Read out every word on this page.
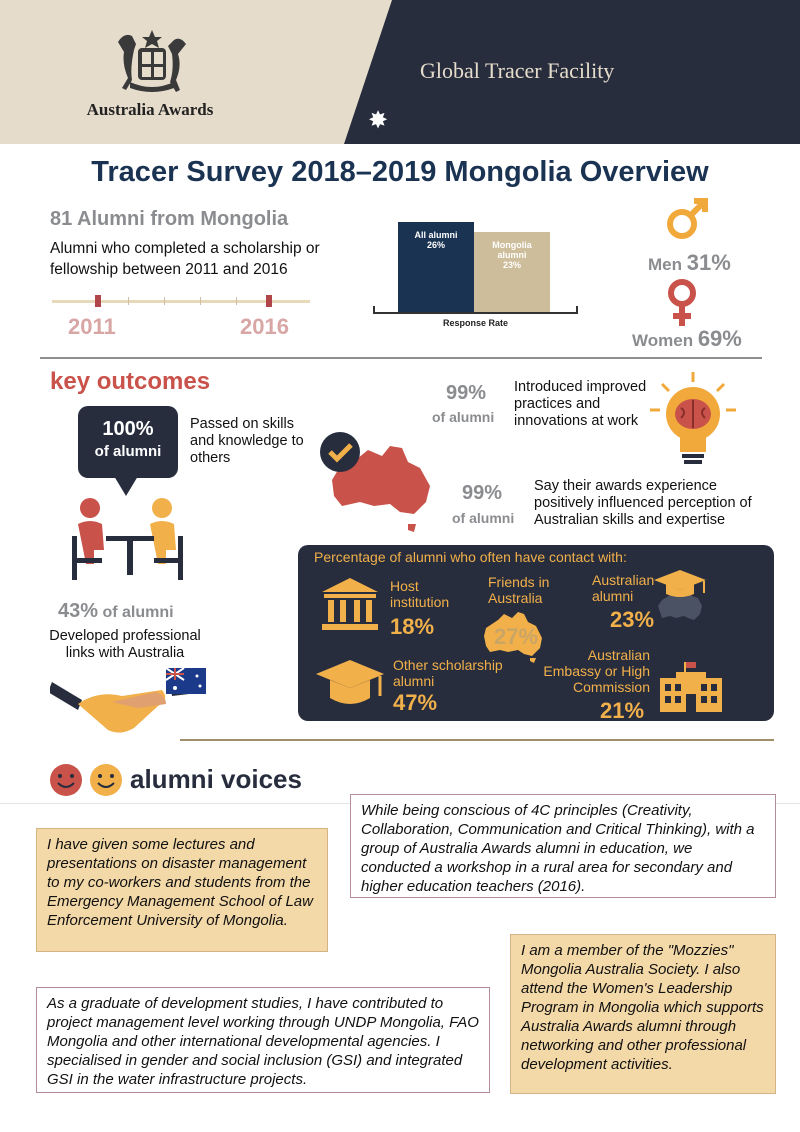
Australia Awards
Global Tracer Facility
✸
Tracer Survey 2018–2019 Mongolia Overview
81 Alumni from Mongolia
Alumni who completed a scholarship or fellowship between 2011 and 2016
2011	2016
All alumni
26%	Mongolia alumni
23%
Response Rate
Men 31%
Women 69%
key outcomes
100%
of alumni
Passed on skills and knowledge to others
43% of alumni
Developed professional links with Australia
99%
of alumni
Introduced improved practices and innovations at work
99%
of alumni
Say their awards experience positively influenced perception of Australian skills and expertise
Percentage of alumni who often have contact with:
Host institution
18%
Friends in Australia
27%
Australian alumni
23%
Other scholarship alumni
47%
Australian Embassy or High Commission
21%
alumni voices
While being conscious of 4C principles (Creativity, Collaboration, Communication and Critical Thinking), with a group of Australia Awards alumni in education, we conducted a workshop in a rural area for secondary and higher education teachers (2016).
I have given some lectures and presentations on disaster management to my co-workers and students from the Emergency Management School of Law Enforcement University of Mongolia.
I am a member of the "Mozzies" Mongolia Australia Society. I also attend the Women's Leadership Program in Mongolia which supports Australia Awards alumni through networking and other professional development activities.
As a graduate of development studies, I have contributed to project management level working through UNDP Mongolia, FAO Mongolia and other international developmental agencies. I specialised in gender and social inclusion (GSI) and integrated GSI in the water infrastructure projects.
